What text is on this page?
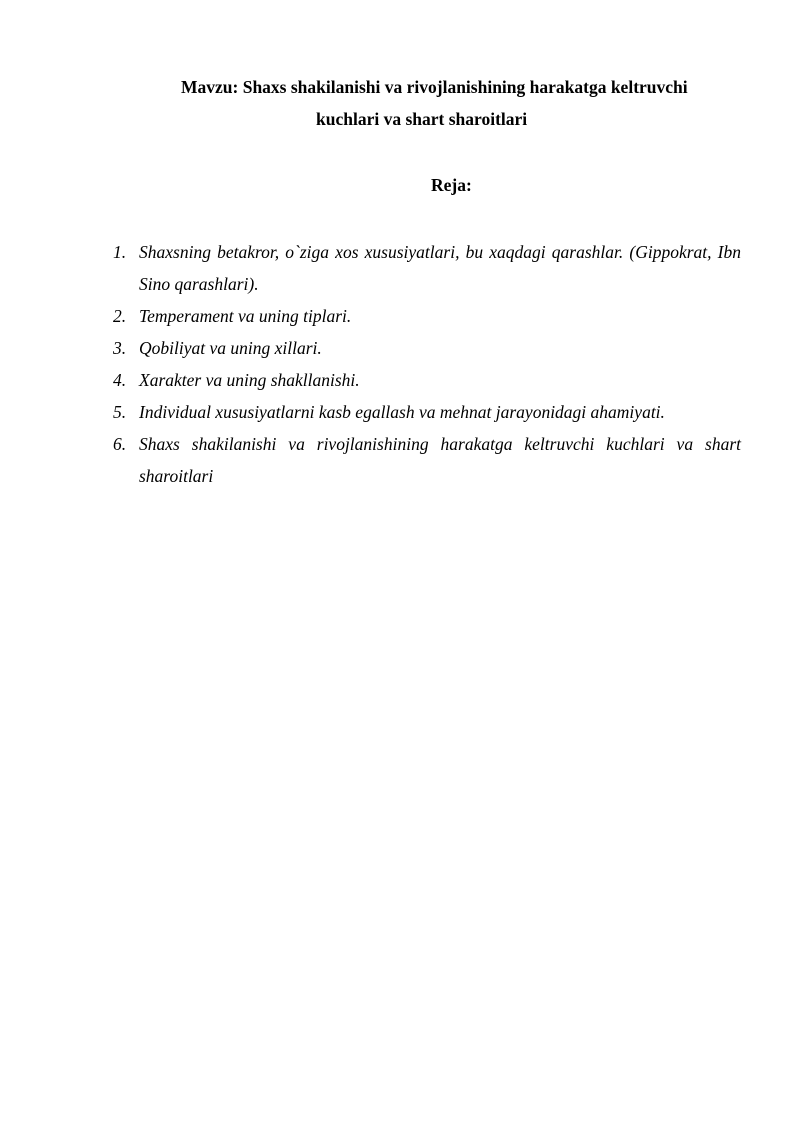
Mavzu: Shaxs shakilanishi va rivojlanishining harakatga keltruvchi
kuchlari va shart sharoitlari
Reja:
1. Shaxsning betakror, o`ziga xos xususiyatlari, bu xaqdagi qarashlar. (Gippokrat, Ibn Sino qarashlari).
2. Temperament va uning tiplari.
3. Qobiliyat va uning xillari.
4. Xarakter va uning shakllanishi.
5. Individual xususiyatlarni kasb egallash va mehnat jarayonidagi ahamiyati.
6. Shaxs shakilanishi va rivojlanishining harakatga keltruvchi kuchlari va shart sharoitlari
